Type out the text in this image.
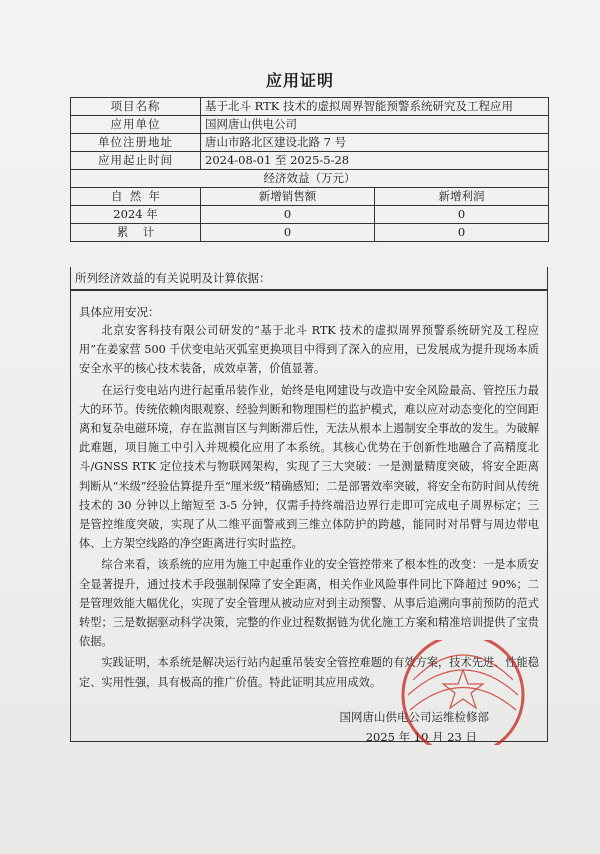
应用证明
项目名称	基于北斗 RTK 技术的虚拟周界智能预警系统研究及工程应用	
应用单位	国网唐山供电公司	
单位注册地址	唐山市路北区建设北路 7 号	
应用起止时间	2024-08-01 至 2025-5-28	
经济效益（万元）		
自  然  年	新增销售额	新增利润
2024 年	0	0
累    计	0	0
所列经济效益的有关说明及计算依据：
具体应用安况：

北京安客科技有限公司研发的“基于北斗 RTK 技术的虚拟周界预警系统研究及工程应用”在姜家营 500 千伏变电站灭弧室更换项目中得到了深入的应用，已发展成为提升现场本质安全水平的核心技术装备，成效卓著，价值显著。

在运行变电站内进行起重吊装作业，始终是电网建设与改造中安全风险最高、管控压力最大的环节。传统依赖肉眼观察、经验判断和物理围栏的监护模式，难以应对动态变化的空间距离和复杂电磁环境，存在监测盲区与判断滞后性，无法从根本上遏制安全事故的发生。为破解此难题，项目施工中引入并规模化应用了本系统。其核心优势在于创新性地融合了高精度北斗/GNSS RTK 定位技术与物联网架构，实现了三大突破：一是测量精度突破，将安全距离判断从“米级”经验估算提升至“厘米级”精确感知；二是部署效率突破，将安全布防时间从传统技术的 30 分钟以上缩短至 3-5 分钟，仅需手持终端沿边界行走即可完成电子周界标定；三是管控维度突破，实现了从二维平面警戒到三维立体防护的跨越，能同时对吊臂与周边带电体、上方架空线路的净空距离进行实时监控。

综合来看，该系统的应用为施工中起重作业的安全管控带来了根本性的改变：一是本质安全显著提升，通过技术手段强制保障了安全距离，相关作业风险事件同比下降超过 90%；二是管理效能大幅优化，实现了安全管理从被动应对到主动预警、从事后追溯向事前预防的范式转型；三是数据驱动科学决策，完整的作业过程数据链为优化施工方案和精准培训提供了宝贵依据。

实践证明，本系统是解决运行站内起重吊装安全管控难题的有效方案，技术先进、性能稳定、实用性强，具有极高的推广价值。特此证明其应用成效。

国网唐山供电公司运维检修部
2025 年 10 月 23 日
